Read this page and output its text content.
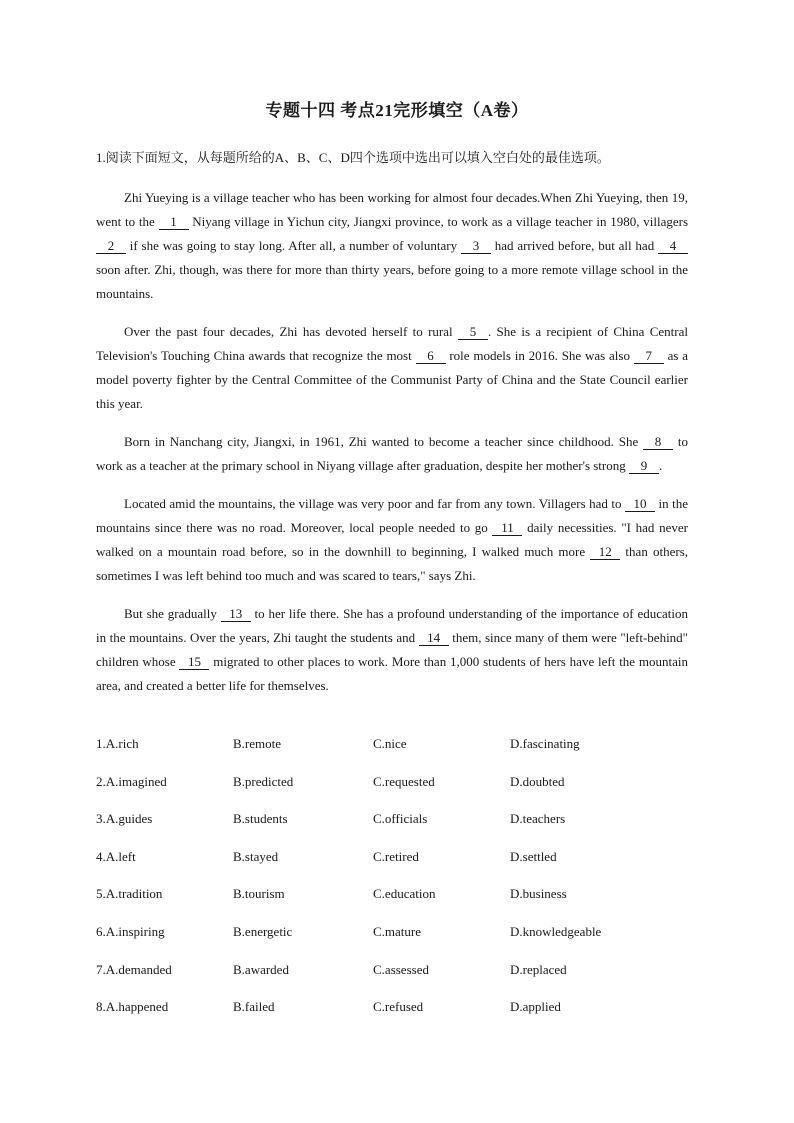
专题十四 考点21完形填空（A卷）
1.阅读下面短文，从每题所给的A、B、C、D四个选项中选出可以填入空白处的最佳选项。

Zhi Yueying is a village teacher who has been working for almost four decades.When Zhi Yueying, then 19, went to the 1 Niyang village in Yichun city, Jiangxi province, to work as a village teacher in 1980, villagers 2 if she was going to stay long. After all, a number of voluntary 3 had arrived before, but all had 4 soon after. Zhi, though, was there for more than thirty years, before going to a more remote village school in the mountains.

Over the past four decades, Zhi has devoted herself to rural 5 . She is a recipient of China Central Television's Touching China awards that recognize the most 6 role models in 2016. She was also 7 as a model poverty fighter by the Central Committee of the Communist Party of China and the State Council earlier this year.

Born in Nanchang city, Jiangxi, in 1961, Zhi wanted to become a teacher since childhood. She 8 to work as a teacher at the primary school in Niyang village after graduation, despite her mother's strong 9 .

Located amid the mountains, the village was very poor and far from any town. Villagers had to 10 in the mountains since there was no road. Moreover, local people needed to go 11 daily necessities. "I had never walked on a mountain road before, so in the downhill to beginning, I walked much more 12 than others, sometimes I was left behind too much and was scared to tears," says Zhi.

But she gradually 13 to her life there. She has a profound understanding of the importance of education in the mountains. Over the years, Zhi taught the students and 14 them, since many of them were "left-behind" children whose 15 migrated to other places to work. More than 1,000 students of hers have left the mountain area, and created a better life for themselves.

1.A.rich	B.remote	C.nice	D.fascinating
2.A.imagined	B.predicted	C.requested	D.doubted
3.A.guides	B.students	C.officials	D.teachers
4.A.left	B.stayed	C.retired	D.settled
5.A.tradition	B.tourism	C.education	D.business
6.A.inspiring	B.energetic	C.mature	D.knowledgeable
7.A.demanded	B.awarded	C.assessed	D.replaced
8.A.happened	B.failed	C.refused	D.applied
